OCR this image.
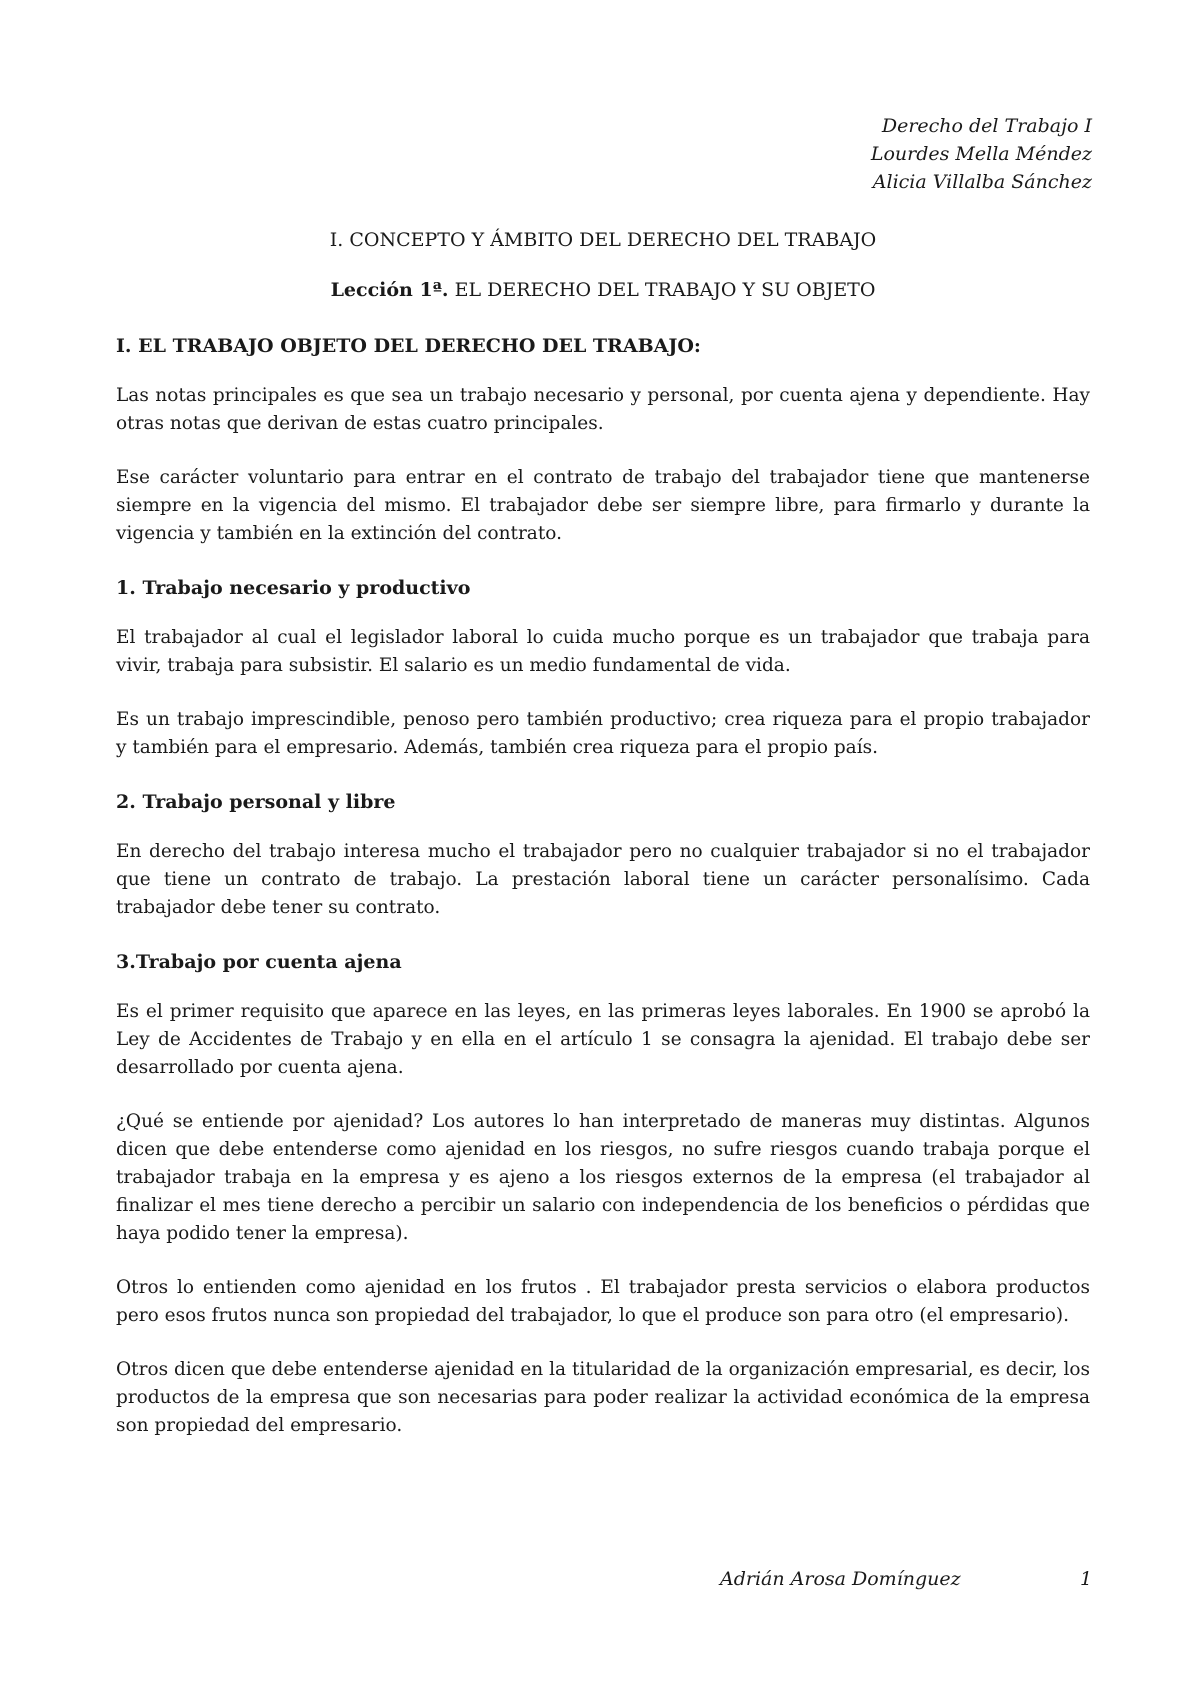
Derecho del Trabajo I
Lourdes Mella Méndez
Alicia Villalba Sánchez
I. CONCEPTO Y ÁMBITO DEL DERECHO DEL TRABAJO
Lección 1ª. EL DERECHO DEL TRABAJO Y SU OBJETO
I. EL TRABAJO OBJETO DEL DERECHO DEL TRABAJO:

Las notas principales es que sea un trabajo necesario y personal, por cuenta ajena y dependiente. Hay otras notas que derivan de estas cuatro principales.

Ese carácter voluntario para entrar en el contrato de trabajo del trabajador tiene que mantenerse siempre en la vigencia del mismo. El trabajador debe ser siempre libre, para firmarlo y durante la vigencia y también en la extinción del contrato.

1. Trabajo necesario y productivo

El trabajador al cual el legislador laboral lo cuida mucho porque es un trabajador que trabaja para vivir, trabaja para subsistir. El salario es un medio fundamental de vida.

Es un trabajo imprescindible, penoso pero también productivo; crea riqueza para el propio trabajador y también para el empresario. Además, también crea riqueza para el propio país.

2. Trabajo personal y libre

En derecho del trabajo interesa mucho el trabajador pero no cualquier trabajador si no el trabajador que tiene un contrato de trabajo. La prestación laboral tiene un carácter personalísimo. Cada trabajador debe tener su contrato.

3.Trabajo por cuenta ajena

Es el primer requisito que aparece en las leyes, en las primeras leyes laborales. En 1900 se aprobó la Ley de Accidentes de Trabajo y en ella en el artículo 1 se consagra la ajenidad. El trabajo debe ser desarrollado por cuenta ajena.

¿Qué se entiende por ajenidad? Los autores lo han interpretado de maneras muy distintas. Algunos dicen que debe entenderse como ajenidad en los riesgos, no sufre riesgos cuando trabaja porque el trabajador trabaja en la empresa y es ajeno a los riesgos externos de la empresa (el trabajador al finalizar el mes tiene derecho a percibir un salario con independencia de los beneficios o pérdidas que haya podido tener la empresa).

Otros lo entienden como ajenidad en los frutos . El trabajador presta servicios o elabora productos pero esos frutos nunca son propiedad del trabajador, lo que el produce son para otro (el empresario).

Otros dicen que debe entenderse ajenidad en la titularidad de la organización empresarial, es decir, los productos de la empresa que son necesarias para poder realizar la actividad económica de la empresa son propiedad del empresario.

Adrián Arosa Domínguez	1
